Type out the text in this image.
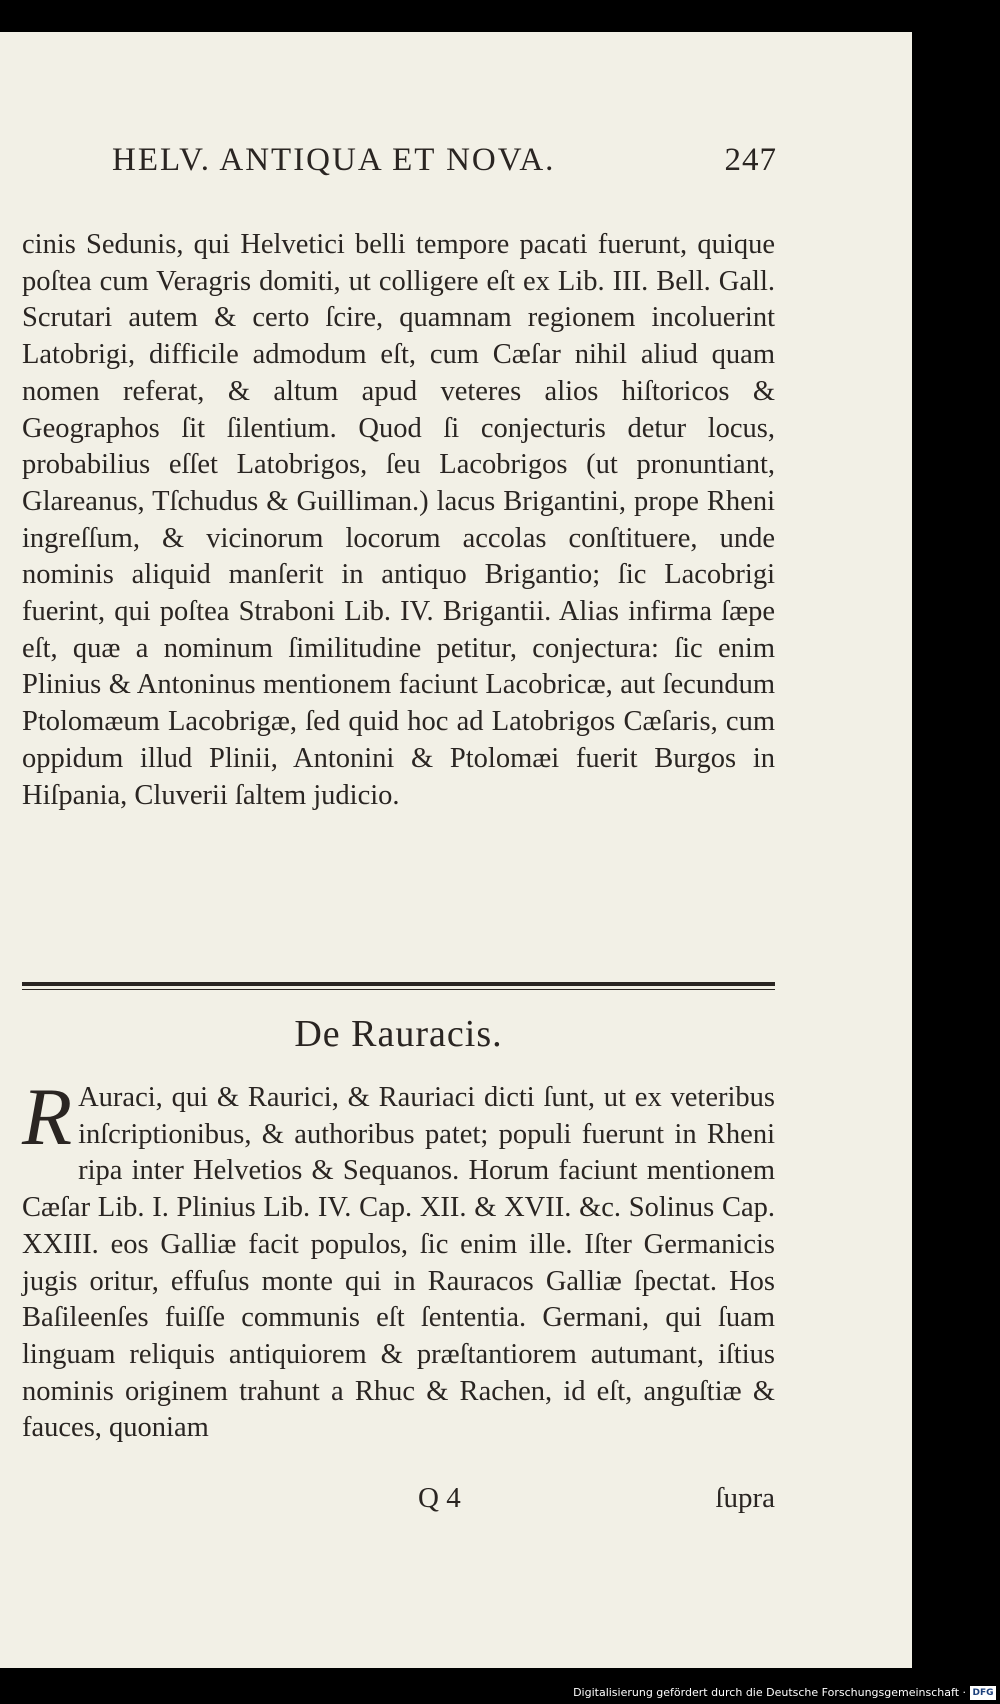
HELV. ANTIQUA ET NOVA.	247

cinis Sedunis, qui Helvetici belli tempore pacati fuerunt, quique poſtea cum Veragris domiti, ut colligere eſt ex Lib. III. Bell. Gall. Scrutari autem & certo ſcire, quamnam regionem incoluerint Latobrigi, difficile admodum eſt, cum Cæſar nihil aliud quam nomen referat, & altum apud veteres alios hiſtoricos & Geographos ſit ſilentium. Quod ſi conjecturis detur locus, probabilius eſſet Latobrigos, ſeu Lacobrigos (ut pronuntiant, Glareanus, Tſchudus & Guilliman.) lacus Brigantini, prope Rheni ingreſſum, & vicinorum locorum accolas conſtituere, unde nominis aliquid manſerit in antiquo Brigantio; ſic Lacobrigi fuerint, qui poſtea Straboni Lib. IV. Brigantii. Alias infirma ſæpe eſt, quæ a nominum ſimilitudine petitur, conjectura: ſic enim Plinius & Antoninus mentionem faciunt Lacobricæ, aut ſecundum Ptolomæum Lacobrigæ, ſed quid hoc ad Latobrigos Cæſaris, cum oppidum illud Plinii, Antonini & Ptolomæi fuerit Burgos in Hiſpania, Cluverii ſaltem judicio.

De Rauracis.
R Auraci, qui & Raurici, & Rauriaci dicti ſunt, ut ex veteribus inſcriptionibus, & authoribus patet; populi fuerunt in Rheni ripa inter Helvetios & Sequanos. Horum faciunt mentionem Cæſar Lib. I. Plinius Lib. IV. Cap. XII. & XVII. &c. Solinus Cap. XXIII. eos Galliæ facit populos, ſic enim ille. Iſter Germanicis jugis oritur, effuſus monte qui in Rauracos Galliæ ſpectat. Hos Baſileenſes fuiſſe communis eſt ſententia. Germani, qui ſuam linguam reliquis antiquiorem & præſtantiorem autumant, iſtius nominis originem trahunt a Rhuc & Rachen, id eſt, anguſtiæ & fauces, quoniam

Q 4	ſupra
Digitalisierung gefördert durch die Deutsche Forschungsgemeinschaft · DFG
